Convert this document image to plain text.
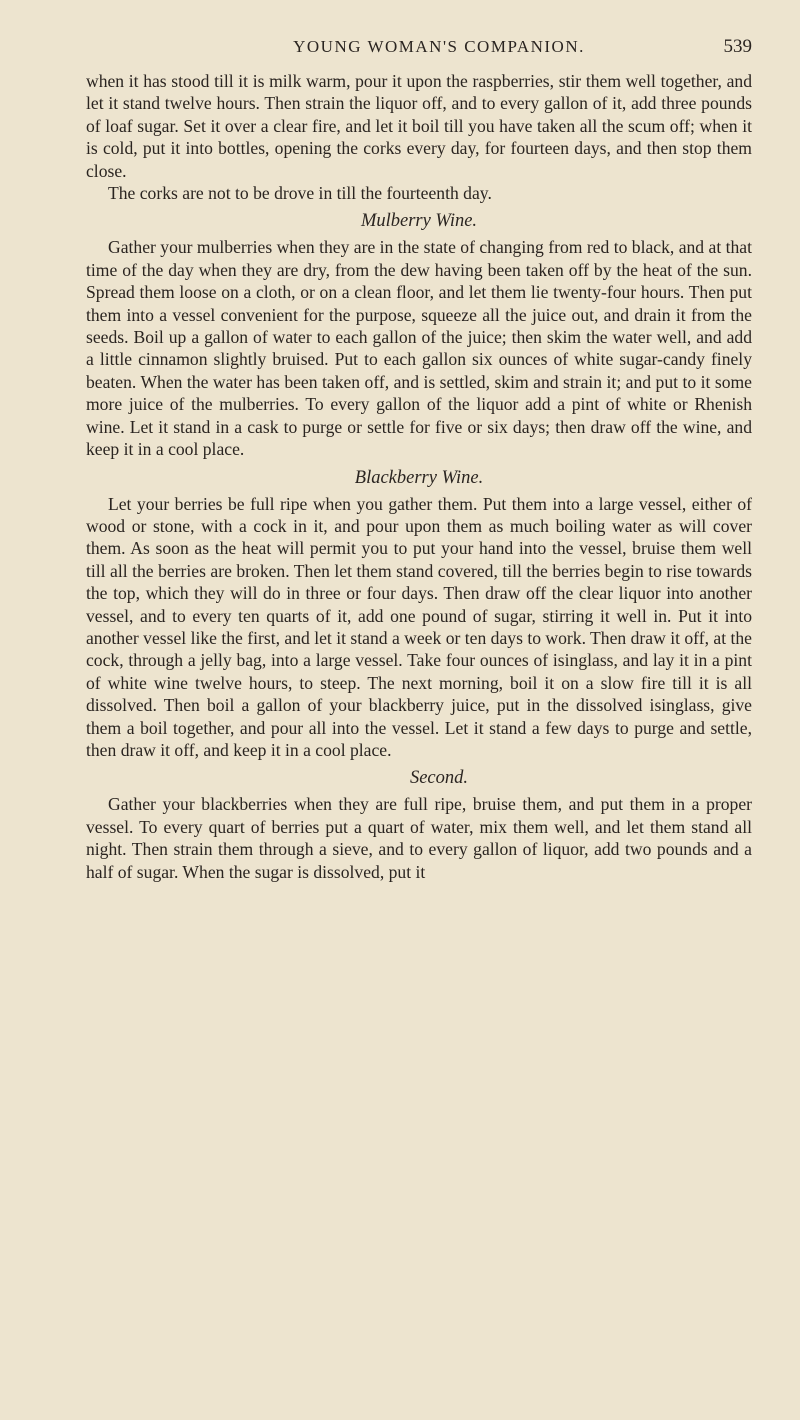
YOUNG WOMAN'S COMPANION.	539

when it has stood till it is milk warm, pour it upon the raspberries, stir them well together, and let it stand twelve hours. Then strain the liquor off, and to every gallon of it, add three pounds of loaf sugar. Set it over a clear fire, and let it boil till you have taken all the scum off; when it is cold, put it into bottles, opening the corks every day, for fourteen days, and then stop them close.

The corks are not to be drove in till the fourteenth day.

Mulberry Wine.

Gather your mulberries when they are in the state of changing from red to black, and at that time of the day when they are dry, from the dew having been taken off by the heat of the sun. Spread them loose on a cloth, or on a clean floor, and let them lie twenty-four hours. Then put them into a vessel convenient for the purpose, squeeze all the juice out, and drain it from the seeds. Boil up a gallon of water to each gallon of the juice; then skim the water well, and add a little cinnamon slightly bruised. Put to each gallon six ounces of white sugar-candy finely beaten. When the water has been taken off, and is settled, skim and strain it; and put to it some more juice of the mulberries. To every gallon of the liquor add a pint of white or Rhenish wine. Let it stand in a cask to purge or settle for five or six days; then draw off the wine, and keep it in a cool place.

Blackberry Wine.

Let your berries be full ripe when you gather them. Put them into a large vessel, either of wood or stone, with a cock in it, and pour upon them as much boiling water as will cover them. As soon as the heat will permit you to put your hand into the vessel, bruise them well till all the berries are broken. Then let them stand covered, till the berries begin to rise towards the top, which they will do in three or four days. Then draw off the clear liquor into another vessel, and to every ten quarts of it, add one pound of sugar, stirring it well in. Put it into another vessel like the first, and let it stand a week or ten days to work. Then draw it off, at the cock, through a jelly bag, into a large vessel. Take four ounces of isinglass, and lay it in a pint of white wine twelve hours, to steep. The next morning, boil it on a slow fire till it is all dissolved. Then boil a gallon of your blackberry juice, put in the dissolved isinglass, give them a boil together, and pour all into the vessel. Let it stand a few days to purge and settle, then draw it off, and keep it in a cool place.

Second.

Gather your blackberries when they are full ripe, bruise them, and put them in a proper vessel. To every quart of berries put a quart of water, mix them well, and let them stand all night. Then strain them through a sieve, and to every gallon of liquor, add two pounds and a half of sugar. When the sugar is dissolved, put it
